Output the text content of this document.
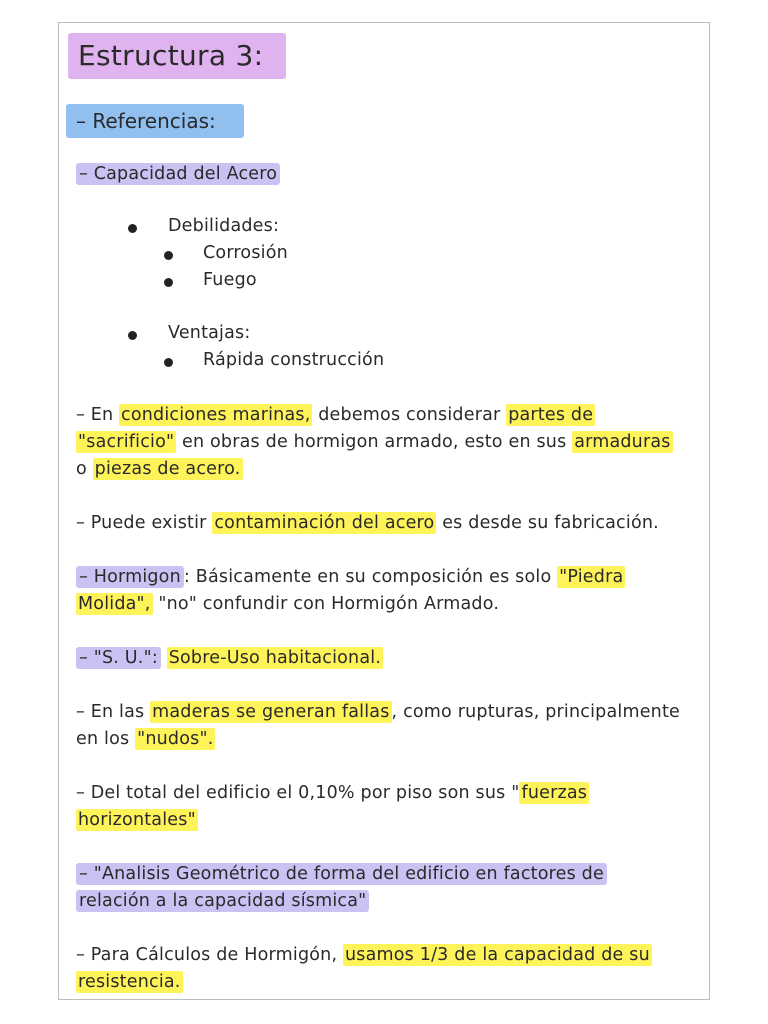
Estructura 3:
– Referencias:
– Capacidad del Acero
Debilidades:
Corrosión
Fuego
Ventajas:
Rápida construcción
– En condiciones marinas, debemos considerar partes de
"sacrificio" en obras de hormigon armado, esto en sus armaduras
o piezas de acero.
– Puede existir contaminación del acero es desde su fabricación.
– Hormigon : Básicamente en su composición es solo "Piedra
Molida", "no" confundir con Hormigón Armado.
– "S. U.": Sobre-Uso habitacional.
– En las maderas se generan fallas , como rupturas, principalmente
en los "nudos".
– Del total del edificio el 0,10% por piso son sus " fuerzas
horizontales"
– "Analisis Geométrico de forma del edificio en factores de
relación a la capacidad sísmica"
– Para Cálculos de Hormigón, usamos 1/3 de la capacidad de su
resistencia.
